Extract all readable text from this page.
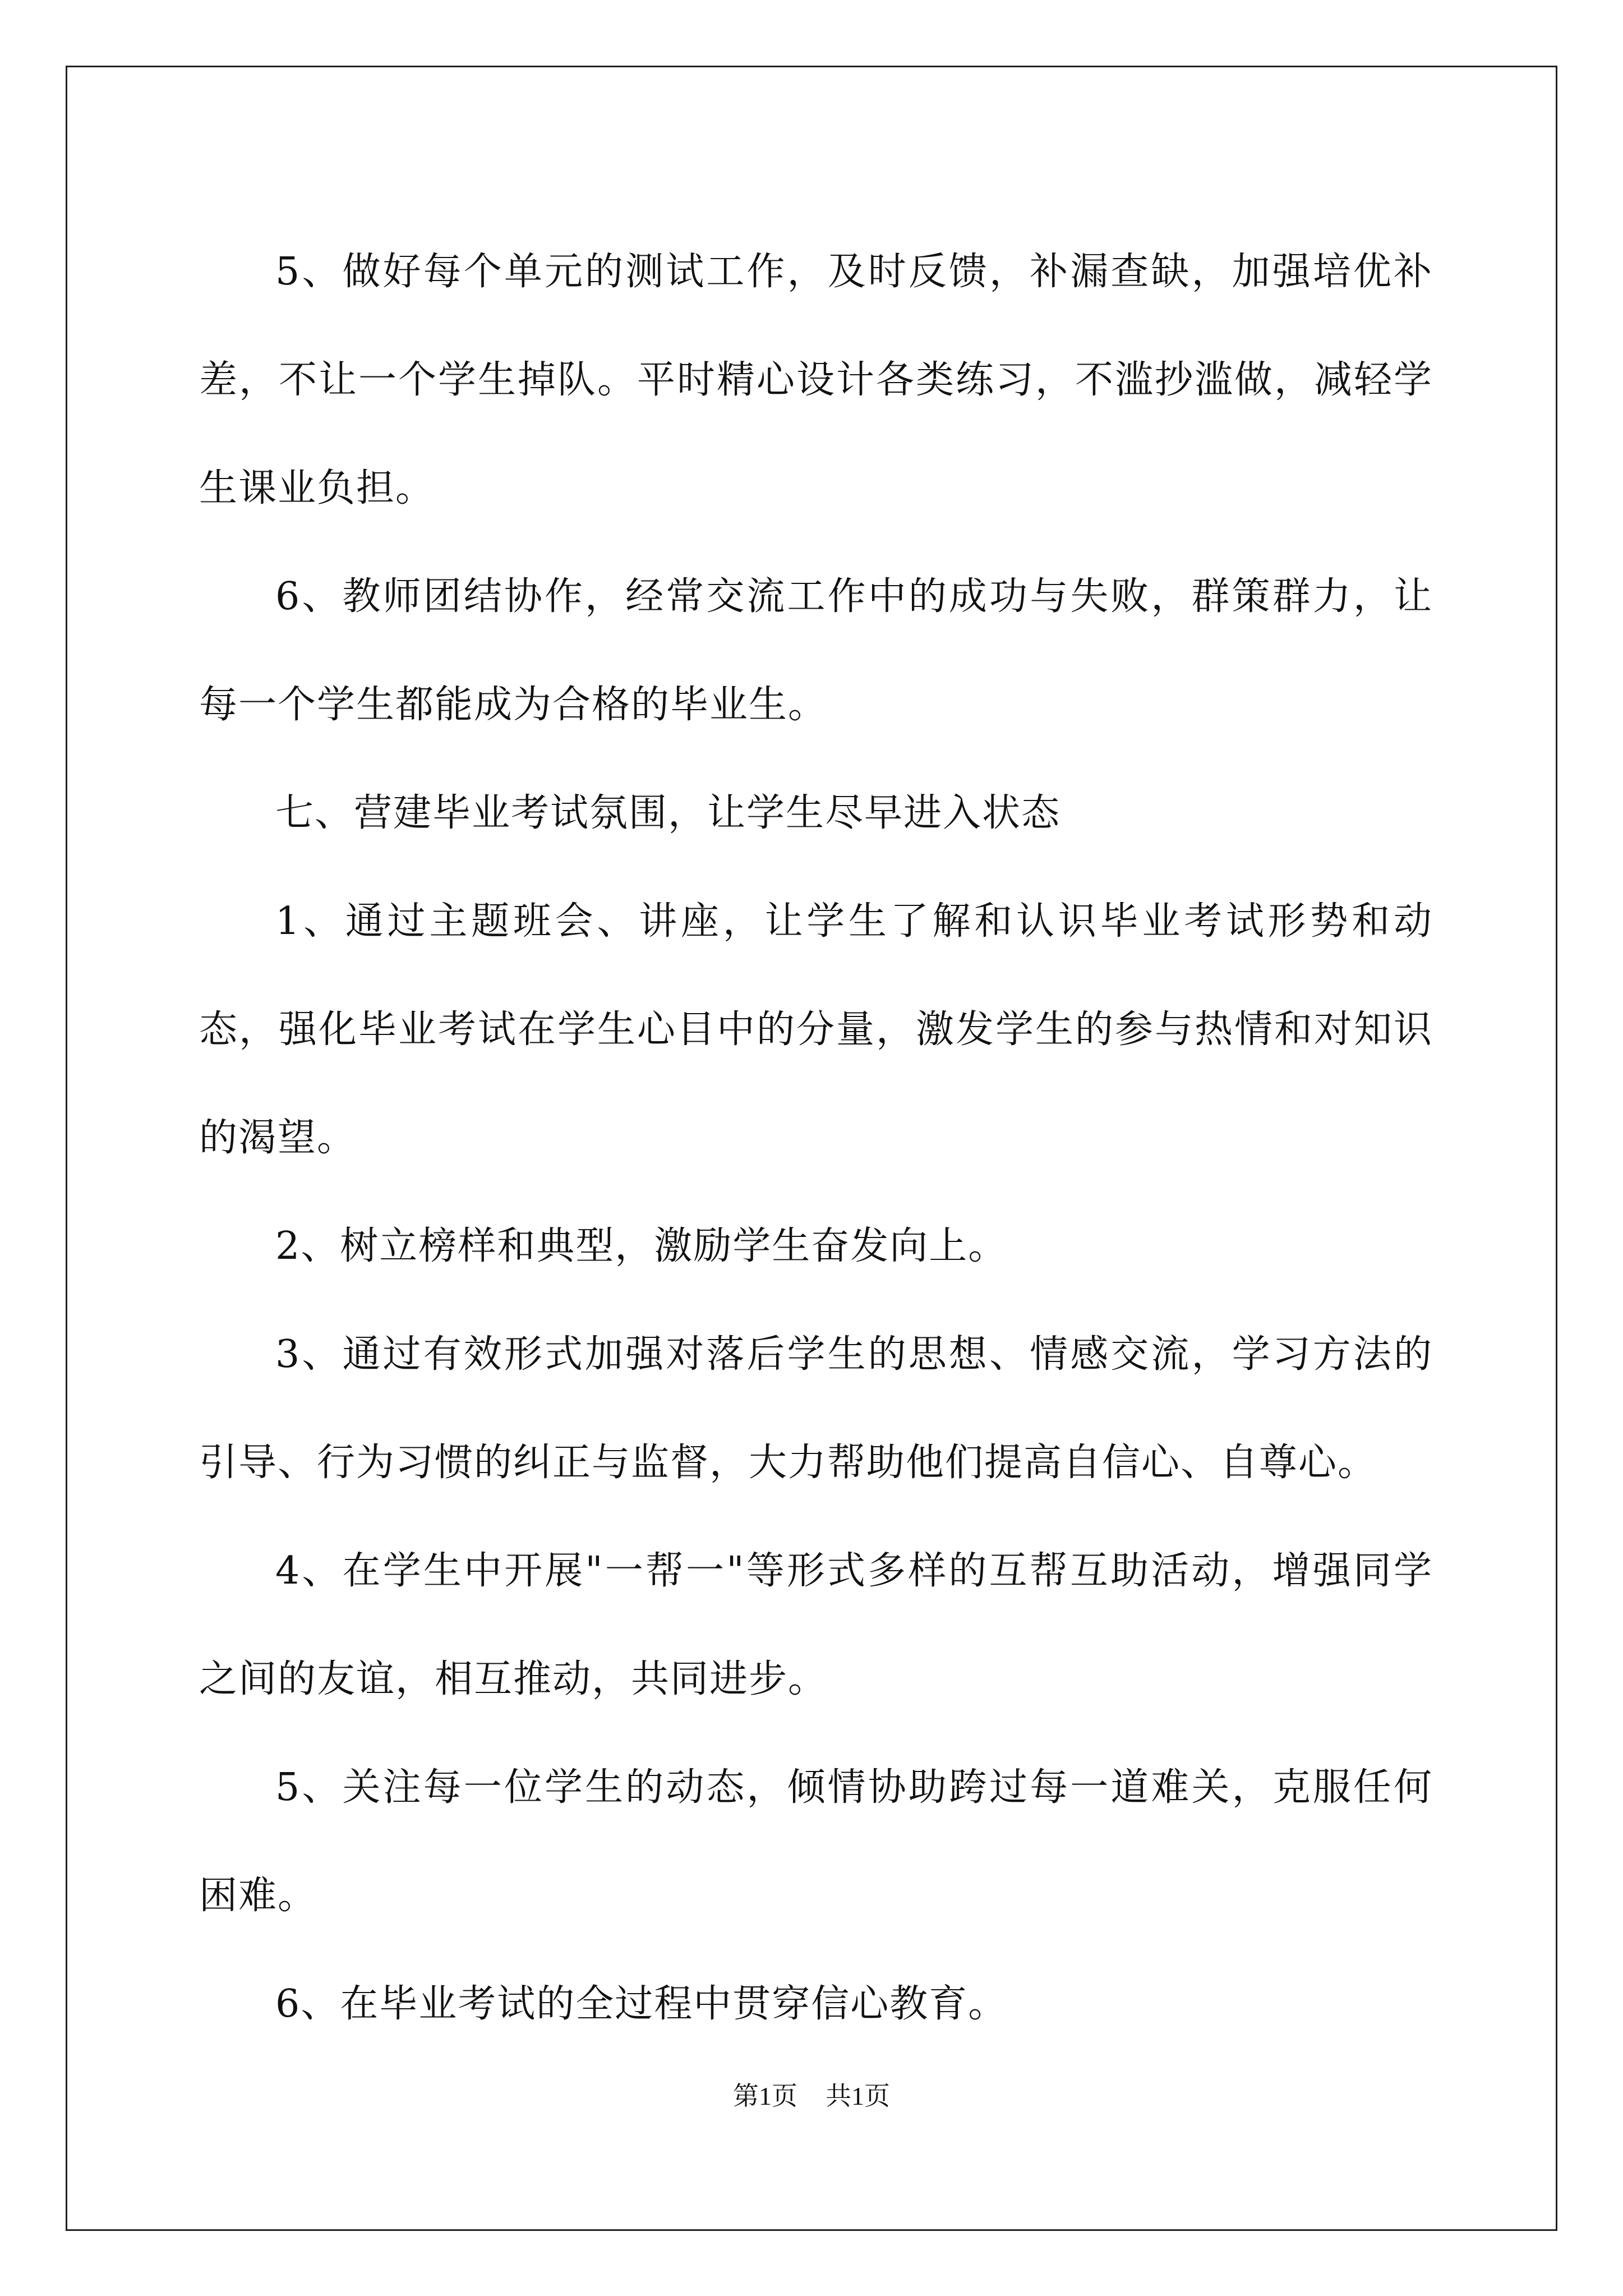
5、做好每个单元的测试工作，及时反馈，补漏查缺，加强培优补差，不让一个学生掉队。平时精心设计各类练习，不滥抄滥做，减轻学生课业负担。

6、教师团结协作，经常交流工作中的成功与失败，群策群力，让每一个学生都能成为合格的毕业生。

七、营建毕业考试氛围，让学生尽早进入状态

1、通过主题班会、讲座，让学生了解和认识毕业考试形势和动态，强化毕业考试在学生心目中的分量，激发学生的参与热情和对知识的渴望。

2、树立榜样和典型，激励学生奋发向上。

3、通过有效形式加强对落后学生的思想、情感交流，学习方法的引导、行为习惯的纠正与监督，大力帮助他们提高自信心、自尊心。

4、在学生中开展"一帮一"等形式多样的互帮互助活动，增强同学之间的友谊，相互推动，共同进步。

5、关注每一位学生的动态，倾情协助跨过每一道难关，克服任何困难。

6、在毕业考试的全过程中贯穿信心教育。

第1页 共1页
